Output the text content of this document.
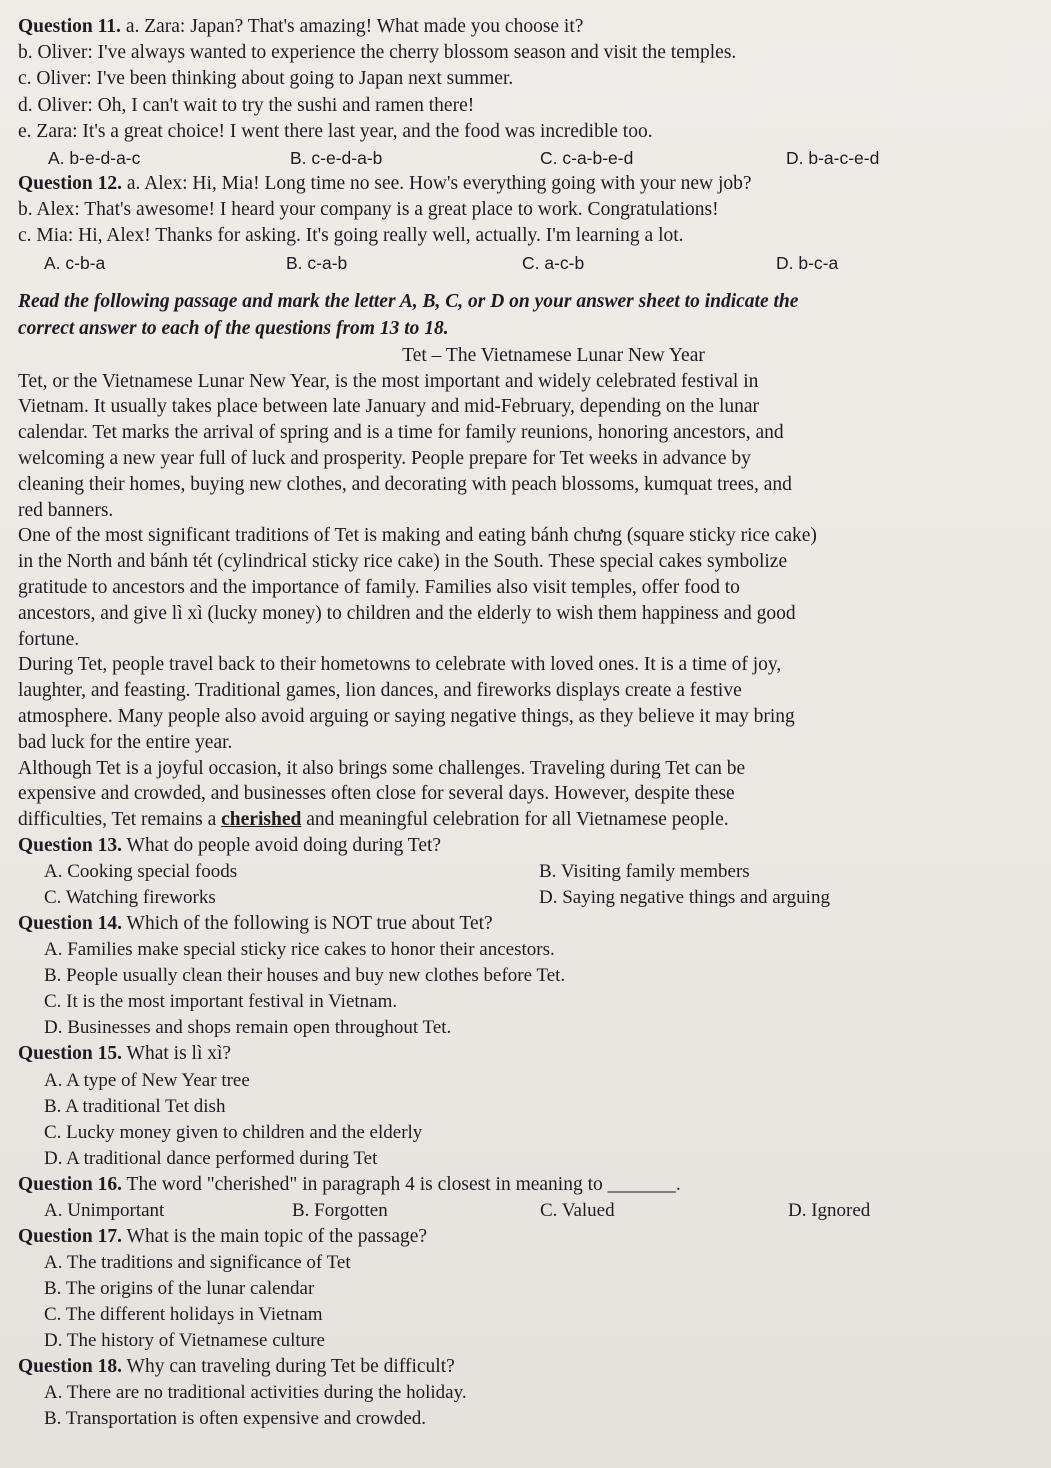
Question 11. a. Zara: Japan? That's amazing! What made you choose it?
b. Oliver: I've always wanted to experience the cherry blossom season and visit the temples.
c. Oliver: I've been thinking about going to Japan next summer.
d. Oliver: Oh, I can't wait to try the sushi and ramen there!
e. Zara: It's a great choice! I went there last year, and the food was incredible too.
A. b-e-d-a-c	B. c-e-d-a-b	C. c-a-b-e-d	D. b-a-c-e-d
Question 12. a. Alex: Hi, Mia! Long time no see. How's everything going with your new job?
b. Alex: That's awesome! I heard your company is a great place to work. Congratulations!
c. Mia: Hi, Alex! Thanks for asking. It's going really well, actually. I'm learning a lot.
A. c-b-a	B. c-a-b	C. a-c-b	D. b-c-a
Read the following passage and mark the letter A, B, C, or D on your answer sheet to indicate the
correct answer to each of the questions from 13 to 18.
Tet – The Vietnamese Lunar New Year
Tet, or the Vietnamese Lunar New Year, is the most important and widely celebrated festival in
Vietnam. It usually takes place between late January and mid-February, depending on the lunar
calendar. Tet marks the arrival of spring and is a time for family reunions, honoring ancestors, and
welcoming a new year full of luck and prosperity. People prepare for Tet weeks in advance by
cleaning their homes, buying new clothes, and decorating with peach blossoms, kumquat trees, and
red banners.
One of the most significant traditions of Tet is making and eating bánh chưng (square sticky rice cake)
in the North and bánh tét (cylindrical sticky rice cake) in the South. These special cakes symbolize
gratitude to ancestors and the importance of family. Families also visit temples, offer food to
ancestors, and give lì xì (lucky money) to children and the elderly to wish them happiness and good
fortune.
During Tet, people travel back to their hometowns to celebrate with loved ones. It is a time of joy,
laughter, and feasting. Traditional games, lion dances, and fireworks displays create a festive
atmosphere. Many people also avoid arguing or saying negative things, as they believe it may bring
bad luck for the entire year.
Although Tet is a joyful occasion, it also brings some challenges. Traveling during Tet can be
expensive and crowded, and businesses often close for several days. However, despite these
difficulties, Tet remains a cherished and meaningful celebration for all Vietnamese people.
Question 13. What do people avoid doing during Tet?
A. Cooking special foods	B. Visiting family members
C. Watching fireworks	D. Saying negative things and arguing
Question 14. Which of the following is NOT true about Tet?
A. Families make special sticky rice cakes to honor their ancestors.
B. People usually clean their houses and buy new clothes before Tet.
C. It is the most important festival in Vietnam.
D. Businesses and shops remain open throughout Tet.
Question 15. What is lì xì?
A. A type of New Year tree
B. A traditional Tet dish
C. Lucky money given to children and the elderly
D. A traditional dance performed during Tet
Question 16. The word "cherished" in paragraph 4 is closest in meaning to _______.
A. Unimportant	B. Forgotten	C. Valued	D. Ignored
Question 17. What is the main topic of the passage?
A. The traditions and significance of Tet
B. The origins of the lunar calendar
C. The different holidays in Vietnam
D. The history of Vietnamese culture
Question 18. Why can traveling during Tet be difficult?
A. There are no traditional activities during the holiday.
B. Transportation is often expensive and crowded.
